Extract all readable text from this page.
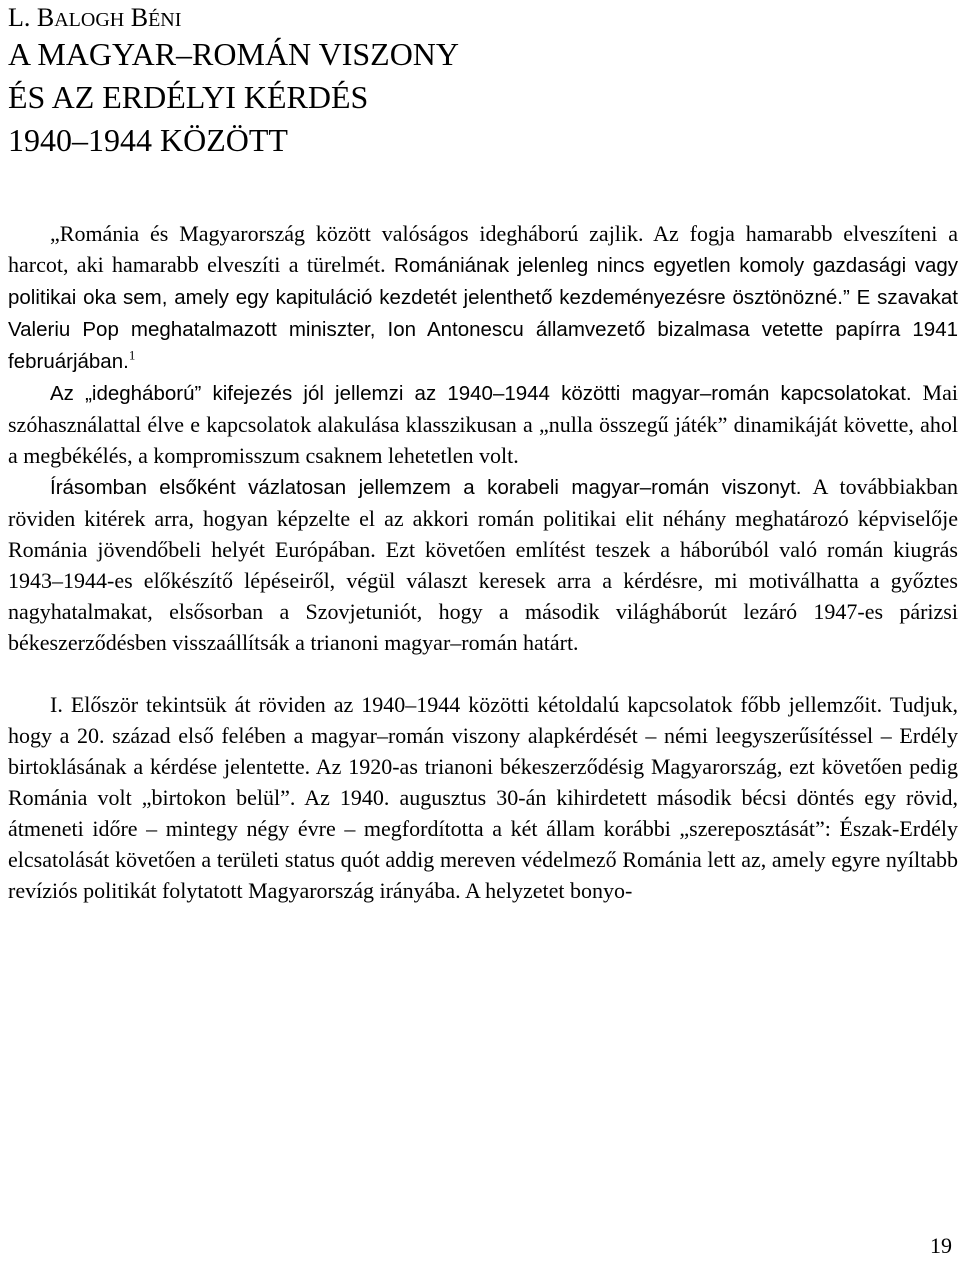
L. BALOGH BÉNI
A MAGYAR–ROMÁN VISZONY
ÉS AZ ERDÉLYI KÉRDÉS
1940–1944 KÖZÖTT

„Románia és Magyarország között valóságos idegháború zajlik. Az fogja hamarabb elveszíteni a harcot, aki hamarabb elveszíti a türelmét. Romániának jelenleg nincs egyetlen komoly gazdasági vagy politikai oka sem, amely egy kapituláció kezdetét jelenthető kezdeményezésre ösztönözné.” E szavakat Valeriu Pop meghatalmazott miniszter, Ion Antonescu államvezető bizalmasa vetette papírra 1941 februárjában.$^1$

Az „idegháború” kifejezés jól jellemzi az 1940–1944 közötti magyar–román kapcsolatokat. Mai szóhasználattal élve e kapcsolatok alakulása klasszikusan a „nulla összegű játék” dinamikáját követte, ahol a megbékélés, a kompromisszum csaknem lehetetlen volt.

Írásomban elsőként vázlatosan jellemzem a korabeli magyar–román viszonyt. A továbbiakban röviden kitérek arra, hogyan képzelte el az akkori román politikai elit néhány meghatározó képviselője Románia jövendőbeli helyét Európában. Ezt követően említést teszek a háborúból való román kiugrás 1943–1944-es előkészítő lépéseiről, végül választ keresek arra a kérdésre, mi motiválhatta a győztes nagyhatalmakat, elsősorban a Szovjetuniót, hogy a második világháborút lezáró 1947-es párizsi békeszerződésben visszaállítsák a trianoni magyar–román határt.

I. Először tekintsük át röviden az 1940–1944 közötti kétoldalú kapcsolatok főbb jellemzőit. Tudjuk, hogy a 20. század első felében a magyar–román viszony alapkérdését – némi leegyszerűsítéssel – Erdély birtoklásának a kérdése jelentette. Az 1920-as trianoni békeszerződésig Magyarország, ezt követően pedig Románia volt „birtokon belül”. Az 1940. augusztus 30-án kihirdetett második bécsi döntés egy rövid, átmeneti időre – mintegy négy évre – megfordította a két állam korábbi „szereposztását”: Észak-Erdély elcsatolását követően a területi status quót addig mereven védelmező Románia lett az, amely egyre nyíltabb revíziós politikát folytatott Magyarország irányába. A helyzetet bonyo-

19
